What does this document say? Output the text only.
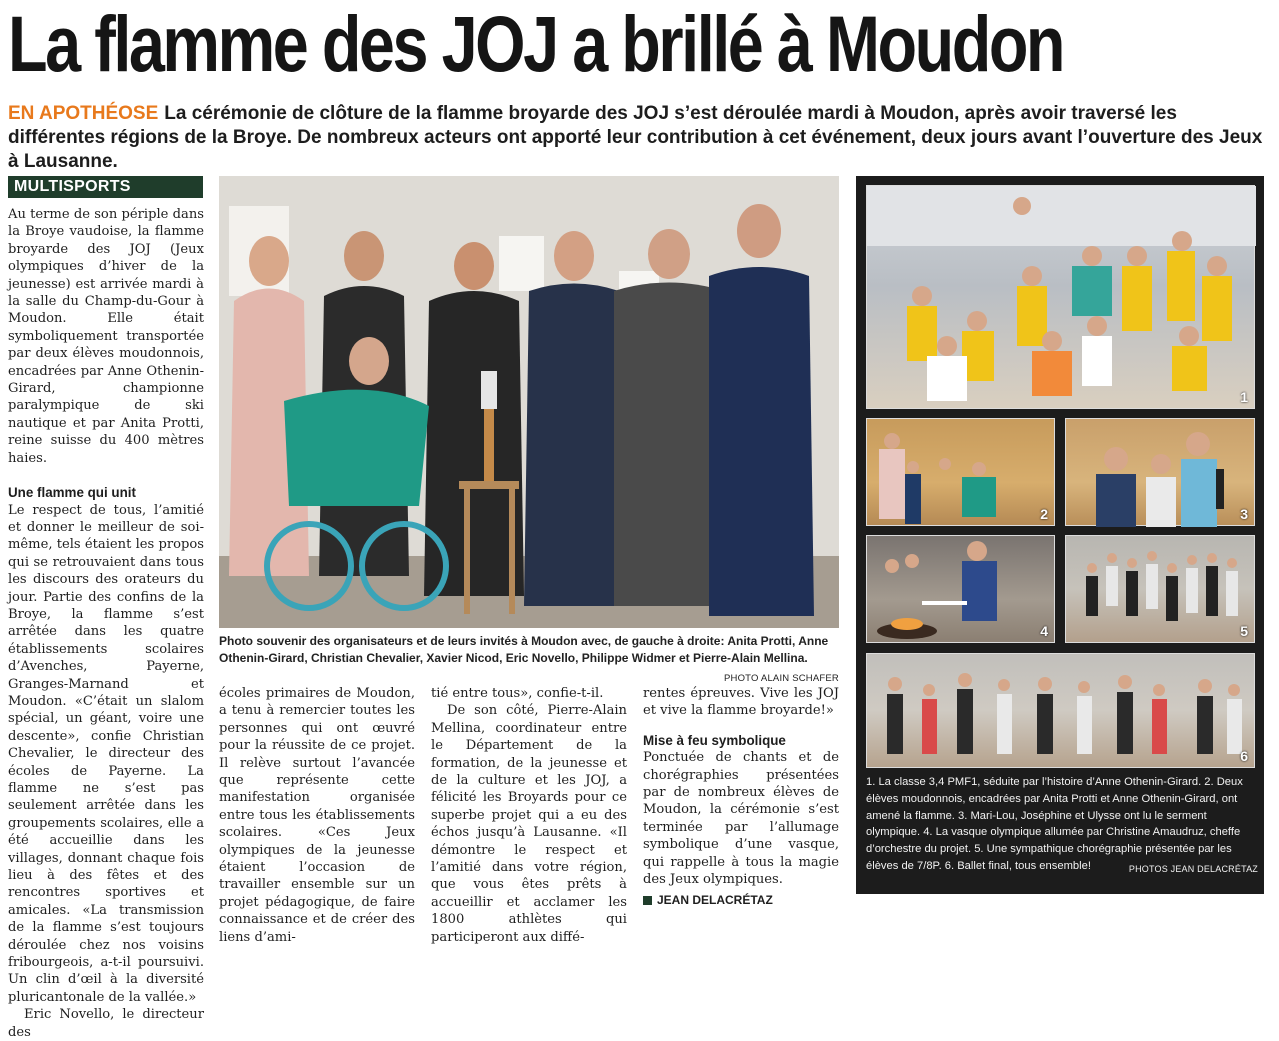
La flamme des JOJ a brillé à Moudon
EN APOTHÉOSE La cérémonie de clôture de la flamme broyarde des JOJ s’est déroulée mardi à Moudon, après avoir traversé les différentes régions de la Broye. De nombreux acteurs ont apporté leur contribution à cet événement, deux jours avant l’ouverture des Jeux à Lausanne.
MULTISPORTS

Au terme de son périple dans la Broye vaudoise, la flamme broyarde des JOJ (Jeux olympiques d’hiver de la jeunesse) est arrivée mardi à la salle du Champ-du-Gour à Moudon. Elle était symboliquement transportée par deux élèves moudonnois, encadrées par Anne Othenin-Girard, championne paralympique de ski nautique et par Anita Protti, reine suisse du 400 mètres haies.

Une flamme qui unit

Le respect de tous, l’amitié et donner le meilleur de soi-même, tels étaient les propos qui se retrouvaient dans tous les discours des orateurs du jour. Partie des confins de la Broye, la flamme s’est arrêtée dans les quatre établissements scolaires d’Avenches, Payerne, Granges-Marnand et Moudon. «C’était un slalom spécial, un géant, voire une descente», confie Christian Chevalier, le directeur des écoles de Payerne. La flamme ne s’est pas seulement arrêtée dans les groupements scolaires, elle a été accueillie dans les villages, donnant chaque fois lieu à des fêtes et des rencontres sportives et amicales. «La transmission de la flamme s’est toujours déroulée chez nos voisins fribourgeois, a-t-il poursuivi. Un clin d’œil à la diversité pluricantonale de la vallée.»

Eric Novello, le directeur des

écoles primaires de Moudon, a tenu à remercier toutes les personnes qui ont œuvré pour la réussite de ce projet. Il relève surtout l’avancée que représente cette manifestation organisée entre tous les établissements scolaires. «Ces Jeux olympiques de la jeunesse étaient l’occasion de travailler ensemble sur un projet pédagogique, de faire connaissance et de créer des liens d’ami-

tié entre tous», confie-t-il.

De son côté, Pierre-Alain Mellina, coordinateur entre le Département de la formation, de la jeunesse et de la culture et les JOJ, a félicité les Broyards pour ce superbe projet qui a eu des échos jusqu’à Lausanne. «Il démontre le respect et l’amitié dans votre région, que vous êtes prêts à accueillir et acclamer les 1800 athlètes qui participeront aux diffé-

rentes épreuves. Vive les JOJ et vive la flamme broyarde!»

Mise à feu symbolique

Ponctuée de chants et de chorégraphies présentées par de nombreux élèves de Moudon, la cérémonie s’est terminée par l’allumage symbolique d’une vasque, qui rappelle à tous la magie des Jeux olympiques.

JEAN DELACRÉTAZ
Photo souvenir des organisateurs et de leurs invités à Moudon avec, de gauche à droite: Anita Protti, Anne Othenin-Girard, Christian Chevalier, Xavier Nicod, Eric Novello, Philippe Widmer et Pierre-Alain Mellina.
PHOTO ALAIN SCHAFER
1
2	3
4	5
6
1. La classe 3,4 PMF1, séduite par l’histoire d’Anne Othenin-Girard. 2. Deux élèves moudonnois, encadrées par Anita Protti et Anne Othenin-Girard, ont amené la flamme. 3. Mari-Lou, Joséphine et Ulysse ont lu le serment olympique. 4. La vasque olympique allumée par Christine Amaudruz, cheffe d’orchestre du projet. 5. Une sympathique chorégraphie présentée par les élèves de 7/8P. 6. Ballet final, tous ensemble!	PHOTOS JEAN DELACRÉTAZ
